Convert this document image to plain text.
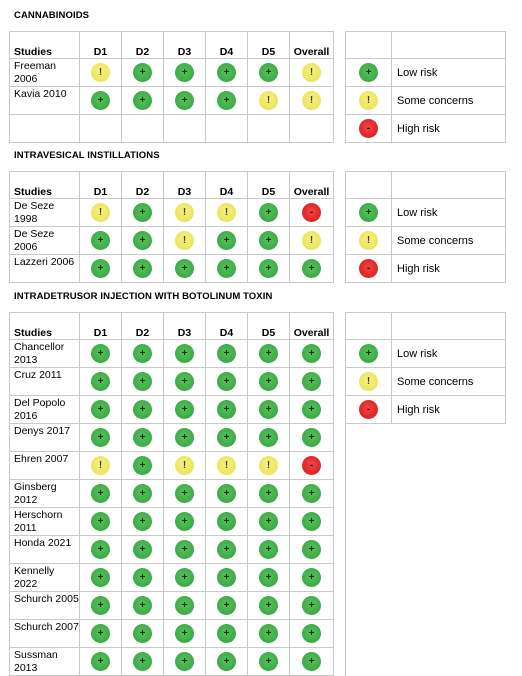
CANNABINOIDS
Studies	D1	D2	D3	D4	D5	Overall			
Freeman 2006	!	+	+	+	+	!		+	Low risk
Kavia 2010	+	+	+	+	!	!		!	Some concerns
								-	High risk
INTRAVESICAL INSTILLATIONS
Studies	D1	D2	D3	D4	D5	Overall			
De Seze 1998	!	+	!	!	+	-		+	Low risk
De Seze 2006	+	+	!	+	+	!		!	Some concerns
Lazzeri 2006	+	+	+	+	+	+		-	High risk
INTRADETRUSOR INJECTION WITH BOTOLINUM TOXIN
Studies	D1	D2	D3	D4	D5	Overall			
Chancellor 2013	+	+	+	+	+	+		+	Low risk
Cruz 2011	+	+	+	+	+	+		!	Some concerns
Del Popolo 2016	+	+	+	+	+	+		-	High risk
Denys 2017	+	+	+	+	+	+			
Ehren 2007	!	+	!	!	!	-			
Ginsberg 2012	+	+	+	+	+	+			
Herschorn 2011	+	+	+	+	+	+			
Honda 2021	+	+	+	+	+	+			
Kennelly 2022	+	+	+	+	+	+			
Schurch 2005	+	+	+	+	+	+			
Schurch 2007	+	+	+	+	+	+			
Sussman 2013	+	+	+	+	+	+			
